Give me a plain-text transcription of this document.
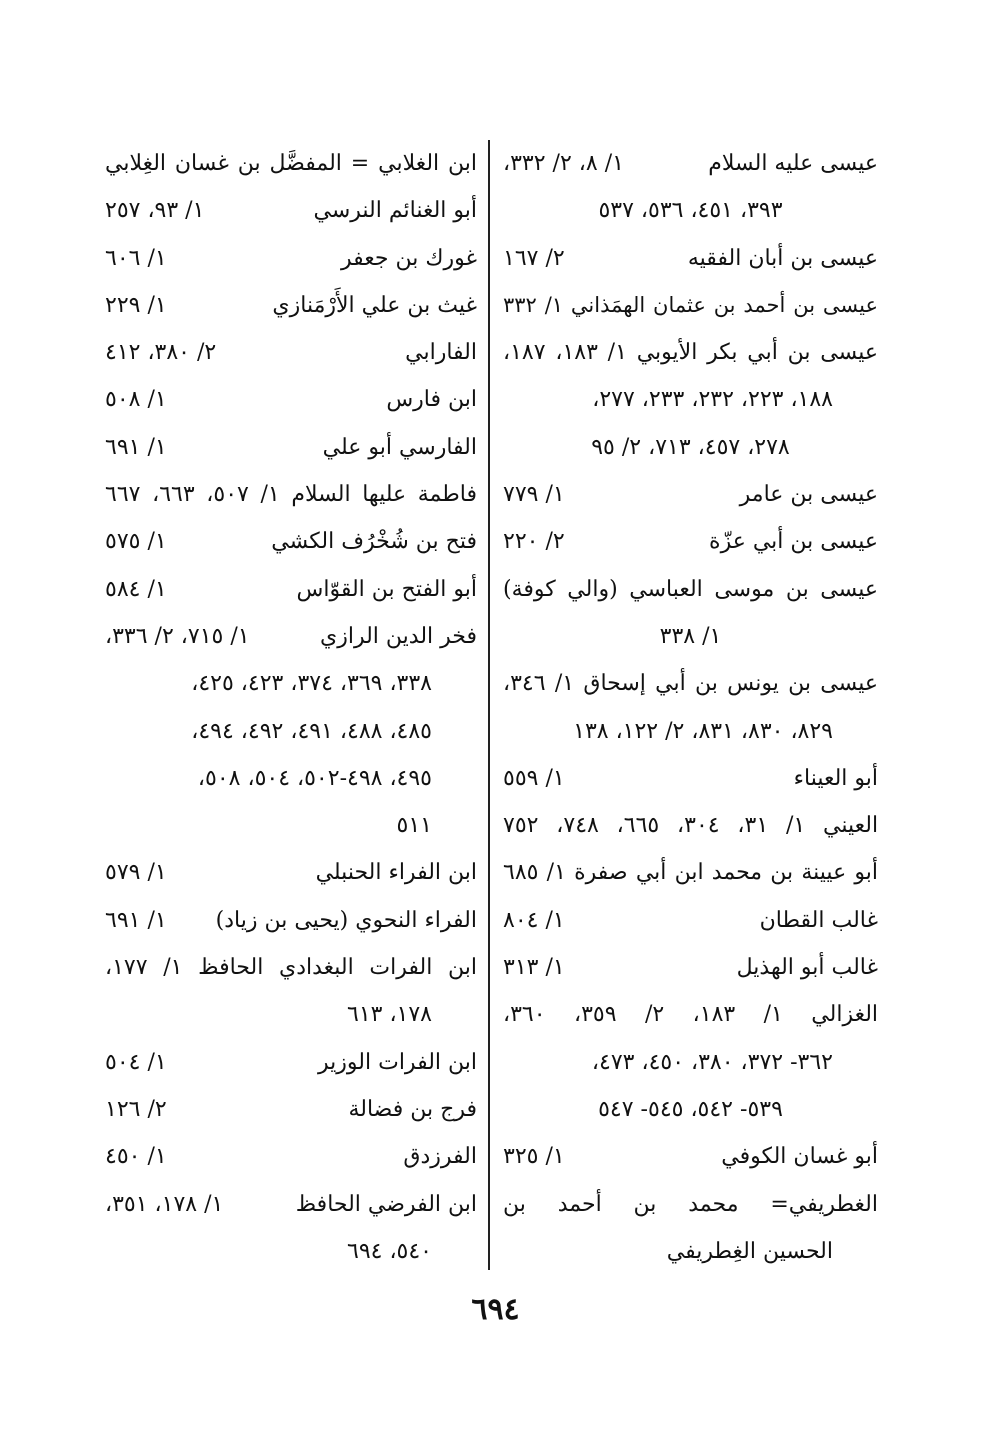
عيسى عليه السلام
١/ ٨، ٢/ ٣٣٢،
٣٩٣، ٤٥١، ٥٣٦، ٥٣٧
عيسى بن أبان الفقيه
٢/ ١٦٧
عيسى بن أحمد بن عثمان الهمَذاني ١/ ٣٣٢
عيسى بن أبي بكر الأيوبي ١/ ١٨٣، ١٨٧،
١٨٨، ٢٢٣، ٢٣٢، ٢٣٣، ٢٧٧،
٢٧٨، ٤٥٧، ٧١٣، ٢/ ٩٥
عيسى بن عامر
١/ ٧٧٩
عيسى بن أبي عزّة
٢/ ٢٢٠
عيسى بن موسى العباسي (والي كوفة)
١/ ٣٣٨
عيسى بن يونس بن أبي إسحاق ١/ ٣٤٦،
٨٢٩، ٨٣٠، ٨٣١، ٢/ ١٢٢، ١٣٨
أبو العيناء
١/ ٥٥٩
العيني ١/ ٣١، ٣٠٤، ٦٦٥، ٧٤٨، ٧٥٢
أبو عيينة بن محمد ابن أبي صفرة ١/ ٦٨٥
غالب القطان
١/ ٨٠٤
غالب أبو الهذيل
١/ ٣١٣
الغزالي ١/ ١٨٣، ٢/ ٣٥٩، ٣٦٠،
٣٦٢- ٣٧٢، ٣٨٠، ٤٥٠، ٤٧٣،
٥٣٩- ٥٤٢، ٥٤٥- ٥٤٧
أبو غسان الكوفي
١/ ٣٢٥
الغطريفي= محمد بن أحمد بن
الحسين الغِطريفي
ابن الغلابي = المفضَّل بن غسان الغِلابي
أبو الغنائم النرسي
١/ ٩٣، ٢٥٧
غورك بن جعفر
١/ ٦٠٦
غيث بن علي الأَرْمَنازي
١/ ٢٢٩
الفارابي
٢/ ٣٨٠، ٤١٢
ابن فارس
١/ ٥٠٨
الفارسي أبو علي
١/ ٦٩١
فاطمة عليها السلام ١/ ٥٠٧، ٦٦٣، ٦٦٧
فتح بن شُخْرُف الكشي
١/ ٥٧٥
أبو الفتح بن القوّاس
١/ ٥٨٤
فخر الدين الرازي
١/ ٧١٥، ٢/ ٣٣٦،
٣٣٨، ٣٦٩، ٣٧٤، ٤٢٣، ٤٢٥،
٤٨٥، ٤٨٨، ٤٩١، ٤٩٢، ٤٩٤،
٤٩٥، ٤٩٨-٥٠٢، ٥٠٤، ٥٠٨،
٥١١
ابن الفراء الحنبلي
١/ ٥٧٩
الفراء النحوي (يحيى بن زياد)
١/ ٦٩١
ابن الفرات البغدادي الحافظ ١/ ١٧٧،
١٧٨، ٦١٣
ابن الفرات الوزير
١/ ٥٠٤
فرج بن فضالة
٢/ ١٢٦
الفرزدق
١/ ٤٥٠
ابن الفرضي الحافظ
١/ ١٧٨، ٣٥١،
٥٤٠، ٦٩٤
٦٩٤
